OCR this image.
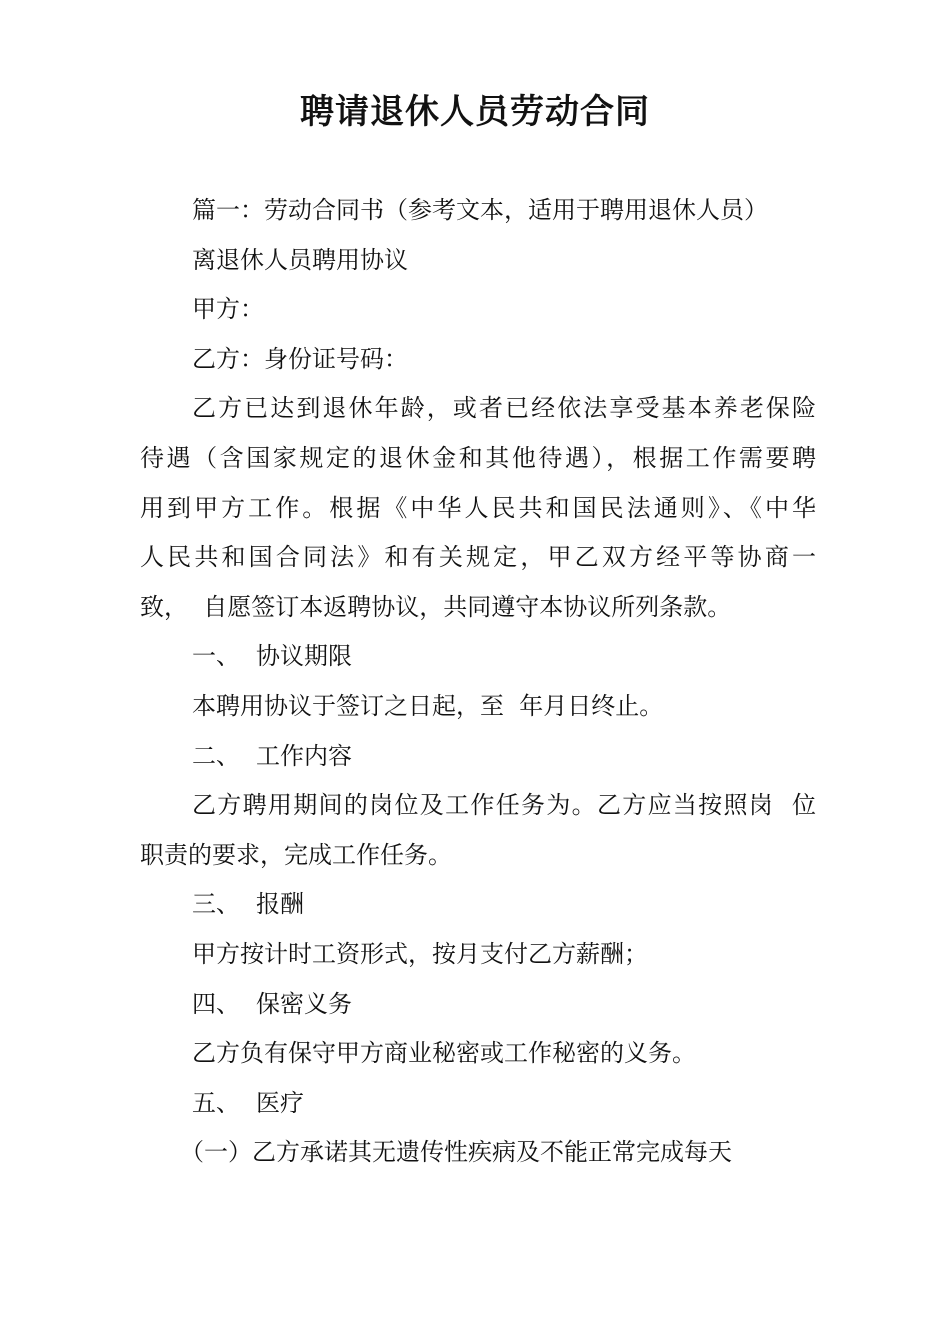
聘请退休人员劳动合同

篇一：劳动合同书（参考文本，适用于聘用退休人员）

离退休人员聘用协议

甲方：

乙方：身份证号码：

乙方已达到退休年龄，或者已经依法享受基本养老保险
待遇（含国家规定的退休金和其他待遇），根据工作需要聘
用到甲方工作。根据《中华人民共和国民法通则》、《中华
人民共和国合同法》和有关规定，甲乙双方经平等协商一
致，  自愿签订本返聘协议，共同遵守本协议所列条款。

一、 协议期限

本聘用协议于签订之日起，至  年月日终止。

二、 工作内容

乙方聘用期间的岗位及工作任务为。乙方应当按照岗  位
职责的要求，完成工作任务。

三、 报酬

甲方按计时工资形式，按月支付乙方薪酬；

四、 保密义务

乙方负有保守甲方商业秘密或工作秘密的义务。

五、 医疗

（一）乙方承诺其无遗传性疾病及不能正常完成每天
